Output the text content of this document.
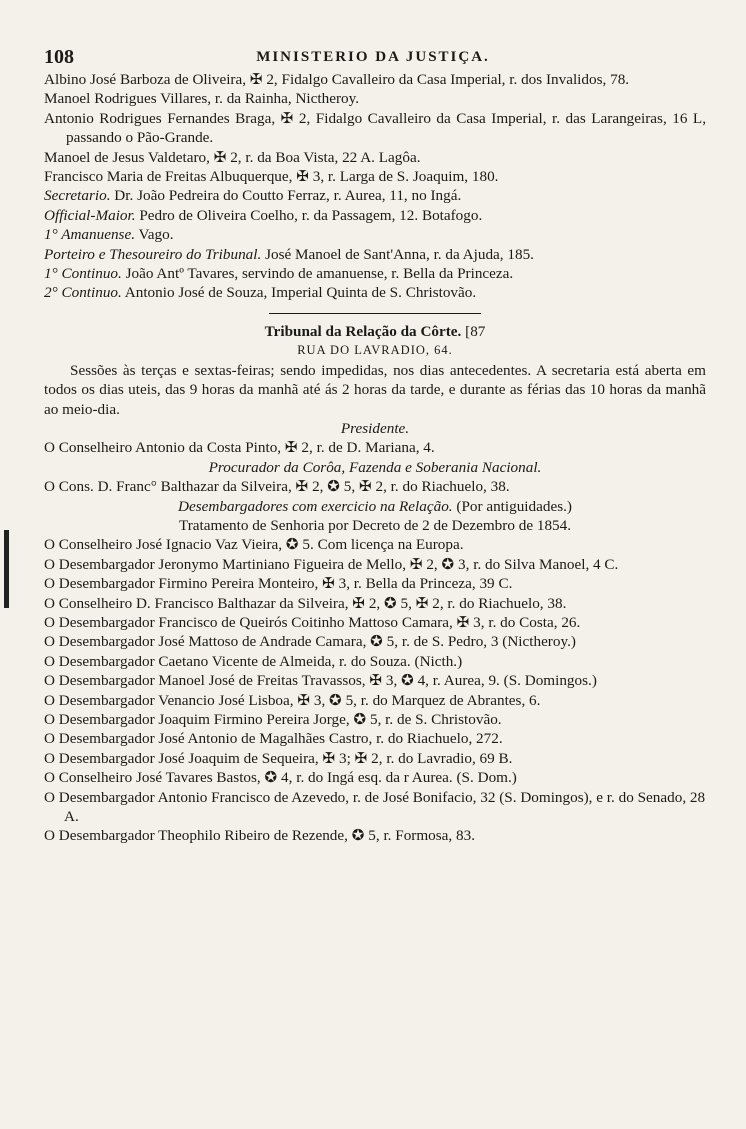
108	MINISTERIO DA JUSTIÇA.
Albino José Barboza de Oliveira, ✠ 2, Fidalgo Cavalleiro da Casa Imperial, r. dos Invalidos, 78.
Manoel Rodrigues Villares, r. da Rainha, Nictheroy.
Antonio Rodrigues Fernandes Braga, ✠ 2, Fidalgo Cavalleiro da Casa Imperial, r. das Larangeiras, 16 L, passando o Pão-Grande.
Manoel de Jesus Valdetaro, ✠ 2, r. da Boa Vista, 22 A. Lagôa.
Francisco Maria de Freitas Albuquerque, ✠ 3, r. Larga de S. Joaquim, 180.
Secretario. Dr. João Pedreira do Coutto Ferraz, r. Aurea, 11, no Ingá.
Official-Maior. Pedro de Oliveira Coelho, r. da Passagem, 12. Botafogo.
1° Amanuense. Vago.
Porteiro e Thesoureiro do Tribunal. José Manoel de Sant'Anna, r. da Ajuda, 185.
1° Continuo. João Antº Tavares, servindo de amanuense, r. Bella da Princeza.
2° Continuo. Antonio José de Souza, Imperial Quinta de S. Christovão.
Tribunal da Relação da Côrte. [87
RUA DO LAVRADIO, 64.
Sessões às terças e sextas-feiras; sendo impedidas, nos dias antecedentes. A secretaria está aberta em todos os dias uteis, das 9 horas da manhã até ás 2 horas da tarde, e durante as férias das 10 horas da manhã ao meio-dia.
Presidente.
O Conselheiro Antonio da Costa Pinto, ✠ 2, r. de D. Mariana, 4.
Procurador da Corôa, Fazenda e Soberania Nacional.
O Cons. D. Franc° Balthazar da Silveira, ✠ 2, ✪ 5, ✠ 2, r. do Riachuelo, 38.
Desembargadores com exercicio na Relação. (Por antiguidades.)
Tratamento de Senhoria por Decreto de 2 de Dezembro de 1854.
O Conselheiro José Ignacio Vaz Vieira, ✪ 5. Com licença na Europa.
O Desembargador Jeronymo Martiniano Figueira de Mello, ✠ 2, ✪ 3, r. do Silva Manoel, 4 C.
O Desembargador Firmino Pereira Monteiro, ✠ 3, r. Bella da Princeza, 39 C.
O Conselheiro D. Francisco Balthazar da Silveira, ✠ 2, ✪ 5, ✠ 2, r. do Riachuelo, 38.
O Desembargador Francisco de Queirós Coitinho Mattoso Camara, ✠ 3, r. do Costa, 26.
O Desembargador José Mattoso de Andrade Camara, ✪ 5, r. de S. Pedro, 3 (Nictheroy.)
O Desembargador Caetano Vicente de Almeida, r. do Souza. (Nicth.)
O Desembargador Manoel José de Freitas Travassos, ✠ 3, ✪ 4, r. Aurea, 9. (S. Domingos.)
O Desembargador Venancio José Lisboa, ✠ 3, ✪ 5, r. do Marquez de Abrantes, 6.
O Desembargador Joaquim Firmino Pereira Jorge, ✪ 5, r. de S. Christovão.
O Desembargador José Antonio de Magalhães Castro, r. do Riachuelo, 272.
O Desembargador José Joaquim de Sequeira, ✠ 3; ✠ 2, r. do Lavradio, 69 B.
O Conselheiro José Tavares Bastos, ✪ 4, r. do Ingá esq. da r Aurea. (S. Dom.)
O Desembargador Antonio Francisco de Azevedo, r. de José Bonifacio, 32 (S. Domingos), e r. do Senado, 28 A.
O Desembargador Theophilo Ribeiro de Rezende, ✪ 5, r. Formosa, 83.
